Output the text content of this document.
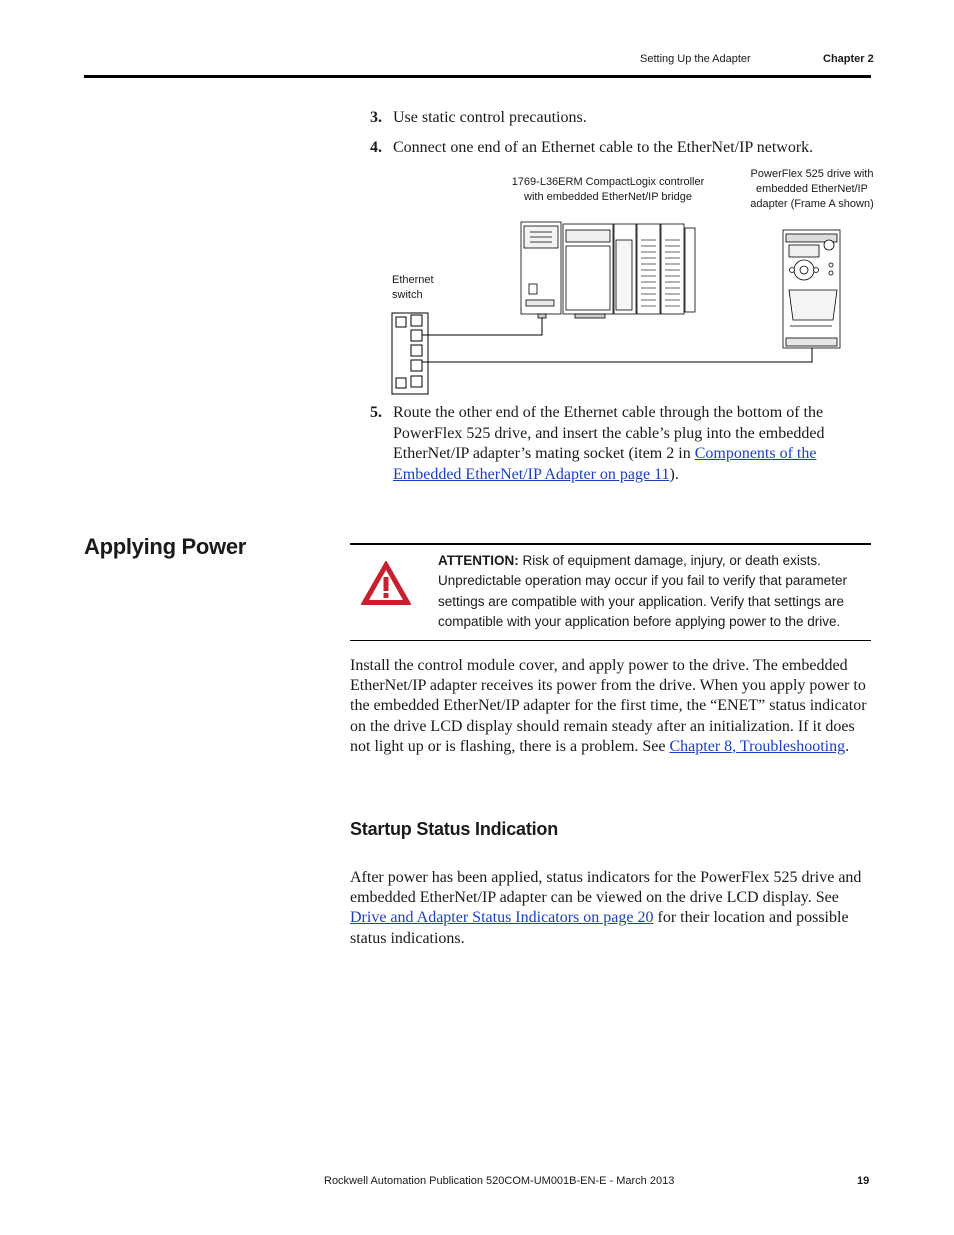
Setting Up the Adapter	Chapter 2
3. Use static control precautions.
4. Connect one end of an Ethernet cable to the EtherNet/IP network.
1769-L36ERM CompactLogix controller
with embedded EtherNet/IP bridge
PowerFlex 525 drive with
embedded EtherNet/IP
adapter (Frame A shown)
Ethernet
switch
5. Route the other end of the Ethernet cable through the bottom of the PowerFlex 525 drive, and insert the cable’s plug into the embedded EtherNet/IP adapter’s mating socket (item 2 in Components of the Embedded EtherNet/IP Adapter on page 11).
Applying Power
ATTENTION: Risk of equipment damage, injury, or death exists. Unpredictable operation may occur if you fail to verify that parameter settings are compatible with your application. Verify that settings are compatible with your application before applying power to the drive.
Install the control module cover, and apply power to the drive. The embedded EtherNet/IP adapter receives its power from the drive. When you apply power to the embedded EtherNet/IP adapter for the first time, the “ENET” status indicator on the drive LCD display should remain steady after an initialization. If it does not light up or is flashing, there is a problem. See Chapter 8, Troubleshooting.
Startup Status Indication
After power has been applied, status indicators for the PowerFlex 525 drive and embedded EtherNet/IP adapter can be viewed on the drive LCD display. See Drive and Adapter Status Indicators on page 20 for their location and possible status indications.
Rockwell Automation Publication 520COM-UM001B-EN-E - March 2013	19
